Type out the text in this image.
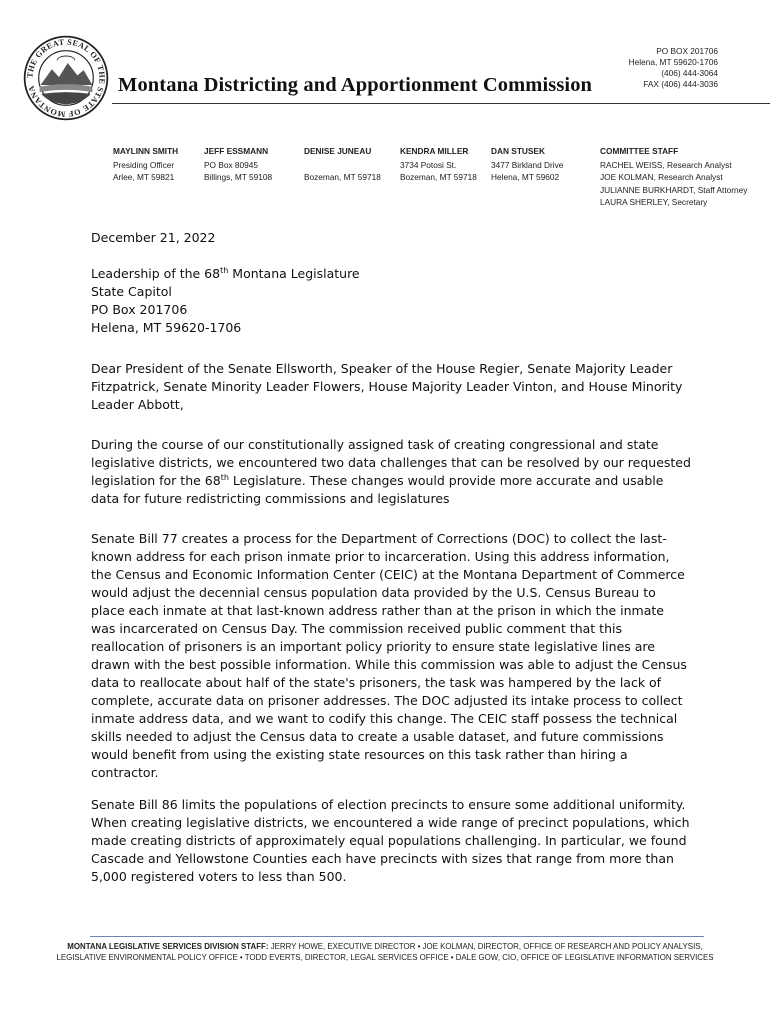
THE GREAT SEAL OF THE STATE OF MONTANA	Montana Districting and Apportionment Commission
PO BOX 201706
Helena, MT 59620-1706
(406) 444-3064
FAX (406) 444-3036
MAYLINN SMITH
Presiding Officer
Arlee, MT 59821
JEFF ESSMANN
PO Box 80945
Billings, MT 59108
DENISE JUNEAU
Bozeman, MT 59718
KENDRA MILLER
3734 Potosi St.
Bozeman, MT 59718
DAN STUSEK
3477 Birkland Drive
Helena, MT 59602
COMMITTEE STAFF
RACHEL WEISS, Research Analyst
JOE KOLMAN, Research Analyst
JULIANNE BURKHARDT, Staff Attorney
LAURA SHERLEY, Secretary

December 21, 2022

Leadership of the 68th Montana Legislature

State Capitol

PO Box 201706

Helena, MT 59620-1706

Dear President of the Senate Ellsworth, Speaker of the House Regier, Senate Majority Leader Fitzpatrick, Senate Minority Leader Flowers, House Majority Leader Vinton, and House Minority Leader Abbott,

During the course of our constitutionally assigned task of creating congressional and state legislative districts, we encountered two data challenges that can be resolved by our requested legislation for the 68th Legislature. These changes would provide more accurate and usable data for future redistricting commissions and legislatures

Senate Bill 77 creates a process for the Department of Corrections (DOC) to collect the last-known address for each prison inmate prior to incarceration. Using this address information, the Census and Economic Information Center (CEIC) at the Montana Department of Commerce would adjust the decennial census population data provided by the U.S. Census Bureau to place each inmate at that last-known address rather than at the prison in which the inmate was incarcerated on Census Day. The commission received public comment that this reallocation of prisoners is an important policy priority to ensure state legislative lines are drawn with the best possible information. While this commission was able to adjust the Census data to reallocate about half of the state's prisoners, the task was hampered by the lack of complete, accurate data on prisoner addresses. The DOC adjusted its intake process to collect inmate address data, and we want to codify this change. The CEIC staff possess the technical skills needed to adjust the Census data to create a usable dataset, and future commissions would benefit from using the existing state resources on this task rather than hiring a contractor.

Senate Bill 86 limits the populations of election precincts to ensure some additional uniformity. When creating legislative districts, we encountered a wide range of precinct populations, which made creating districts of approximately equal populations challenging. In particular, we found Cascade and Yellowstone Counties each have precincts with sizes that range from more than 5,000 registered voters to less than 500.

MONTANA LEGISLATIVE SERVICES DIVISION STAFF: JERRY HOWE, EXECUTIVE DIRECTOR • JOE KOLMAN, DIRECTOR, OFFICE OF RESEARCH AND POLICY ANALYSIS, LEGISLATIVE ENVIRONMENTAL POLICY OFFICE • TODD EVERTS, DIRECTOR, LEGAL SERVICES OFFICE • DALE GOW, CIO, OFFICE OF LEGISLATIVE INFORMATION SERVICES
